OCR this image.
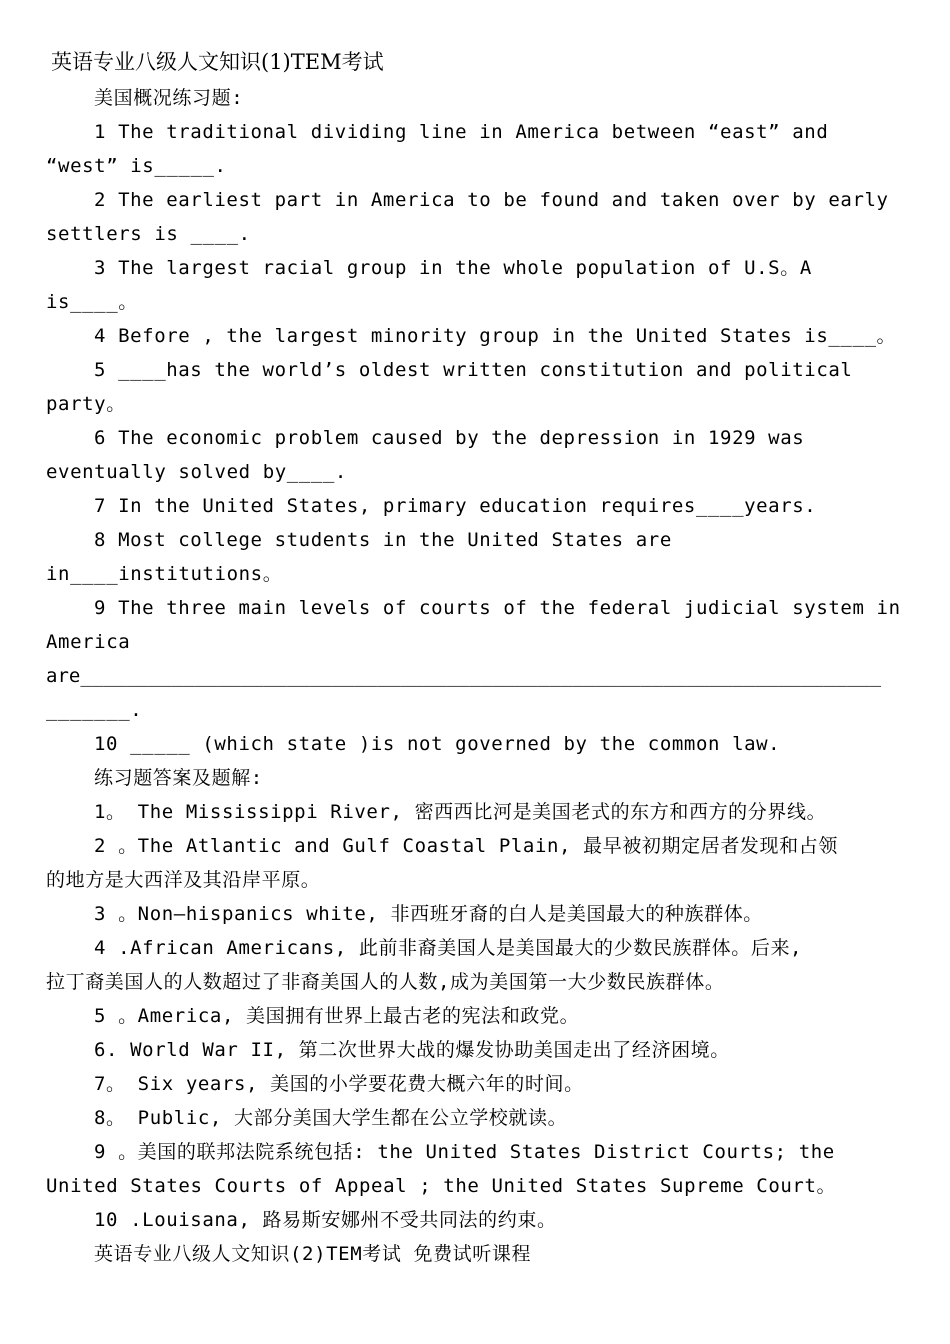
英语专业八级人文知识(1)TEM考试
美国概况练习题:
1 The traditional dividing line in America between “east” and
“west” is_____.
2 The earliest part in America to be found and taken over by early
settlers is ____.
3 The largest racial group in the whole population of U.S。A
is____。
4 Before , the largest minority group in the United States is____。
5 ____has the world’s oldest written constitution and political
party。
6 The economic problem caused by the depression in 1929 was
eventually solved by____.
7 In the United States, primary education requires____years.
8 Most college students in the United States are
in____institutions。
9 The three main levels of courts of the federal judicial system in
America
are______________________________________________________________________
_______.
10 _____ (which state )is not governed by the common law.
练习题答案及题解:
1。 The Mississippi River, 密西西比河是美国老式的东方和西方的分界线。
2 。The Atlantic and Gulf Coastal Plain, 最早被初期定居者发现和占领
的地方是大西洋及其沿岸平原。
3 。Non—hispanics white, 非西班牙裔的白人是美国最大的种族群体。
4 .African Americans, 此前非裔美国人是美国最大的少数民族群体。后来,
拉丁裔美国人的人数超过了非裔美国人的人数,成为美国第一大少数民族群体。
5 。America, 美国拥有世界上最古老的宪法和政党。
6. World War II, 第二次世界大战的爆发协助美国走出了经济困境。
7。 Six years, 美国的小学要花费大概六年的时间。
8。 Public, 大部分美国大学生都在公立学校就读。
9 。美国的联邦法院系统包括: the United States District Courts; the
United States Courts of Appeal ; the United States Supreme Court。
10 .Louisana, 路易斯安娜州不受共同法的约束。
英语专业八级人文知识(2)TEM考试 免费试听课程
